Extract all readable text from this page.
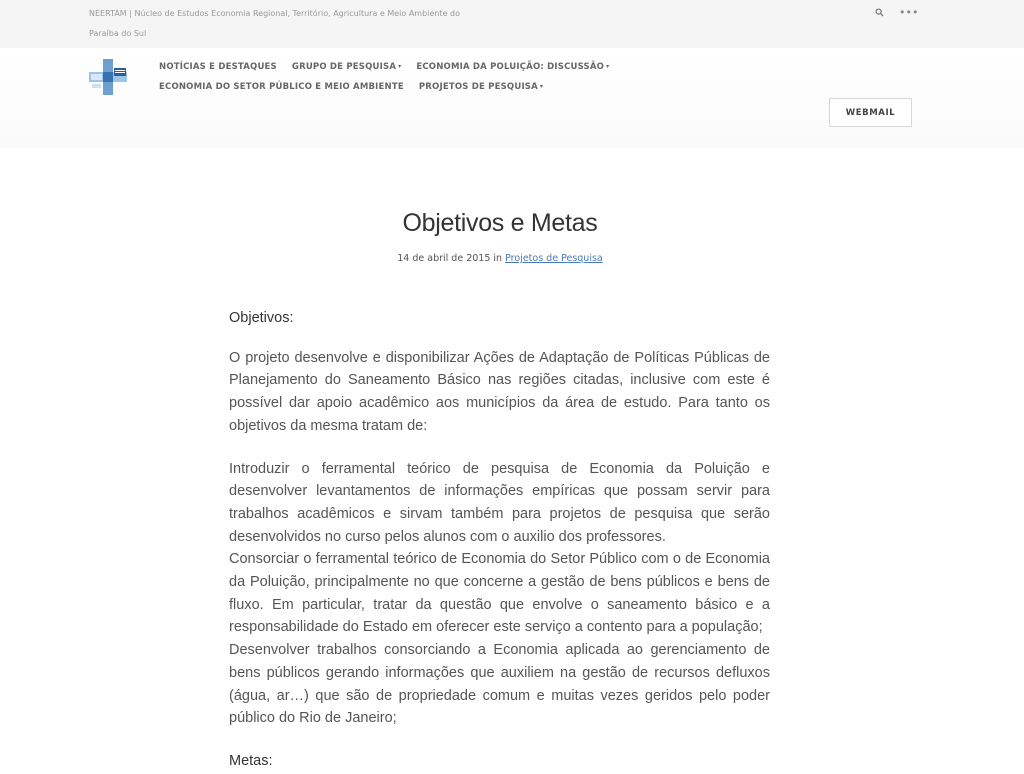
NEERTAM | Núcleo de Estudos Economia Regional, Território, Agricultura e Meio Ambiente do Paraíba do Sul
•••
NOTÍCIAS E DESTAQUES GRUPO DE PESQUISA ▾ ECONOMIA DA POLUIÇÃO: DISCUSSÃO ▾
ECONOMIA DO SETOR PÚBLICO E MEIO AMBIENTE PROJETOS DE PESQUISA ▾
WEBMAIL
Objetivos e Metas
14 de abril de 2015 in Projetos de Pesquisa

Objetivos:

O projeto desenvolve e disponibilizar Ações de Adaptação de Políticas Públicas de Planejamento do Saneamento Básico nas regiões citadas, inclusive com este é possível dar apoio acadêmico aos municípios da área de estudo. Para tanto os objetivos da mesma tratam de:

Introduzir o ferramental teórico de pesquisa de Economia da Poluição e desenvolver levantamentos de informações empíricas que possam servir para trabalhos acadêmicos e sirvam também para projetos de pesquisa que serão desenvolvidos no curso pelos alunos com o auxilio dos professores.

Consorciar o ferramental teórico de Economia do Setor Público com o de Economia da Poluição, principalmente no que concerne a gestão de bens públicos e bens de fluxo. Em particular, tratar da questão que envolve o saneamento básico e a responsabilidade do Estado em oferecer este serviço a contento para a população;

Desenvolver trabalhos consorciando a Economia aplicada ao gerenciamento de bens públicos gerando informações que auxiliem na gestão de recursos defluxos (água, ar…) que são de propriedade comum e muitas vezes geridos pelo poder público do Rio de Janeiro;

Metas:
